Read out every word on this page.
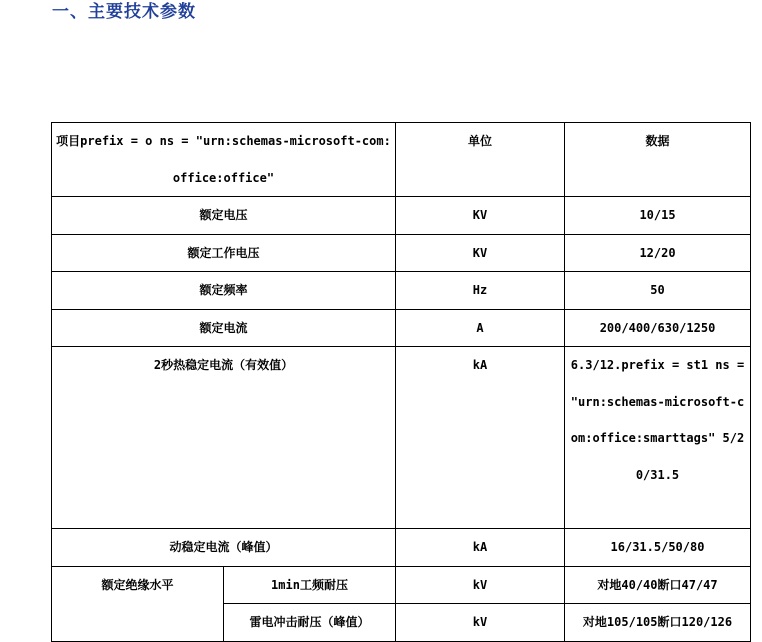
一、主要技术参数
项目prefix = o ns = "urn:schemas-microsoft-com:office:office"		单位	数据
额定电压		KV	10/15
额定工作电压		KV	12/20
额定频率		Hz	50
额定电流		A	200/400/630/1250
2秒热稳定电流（有效值）		kA	6.3/12.prefix = st1 ns = "urn:schemas-microsoft-com:office:smarttags" 5/20/31.5
动稳定电流（峰值）		kA	16/31.5/50/80
额定绝缘水平	1min工频耐压	kV	对地40/40断口47/47
	雷电冲击耐压（峰值）	kV	对地105/105断口120/126
